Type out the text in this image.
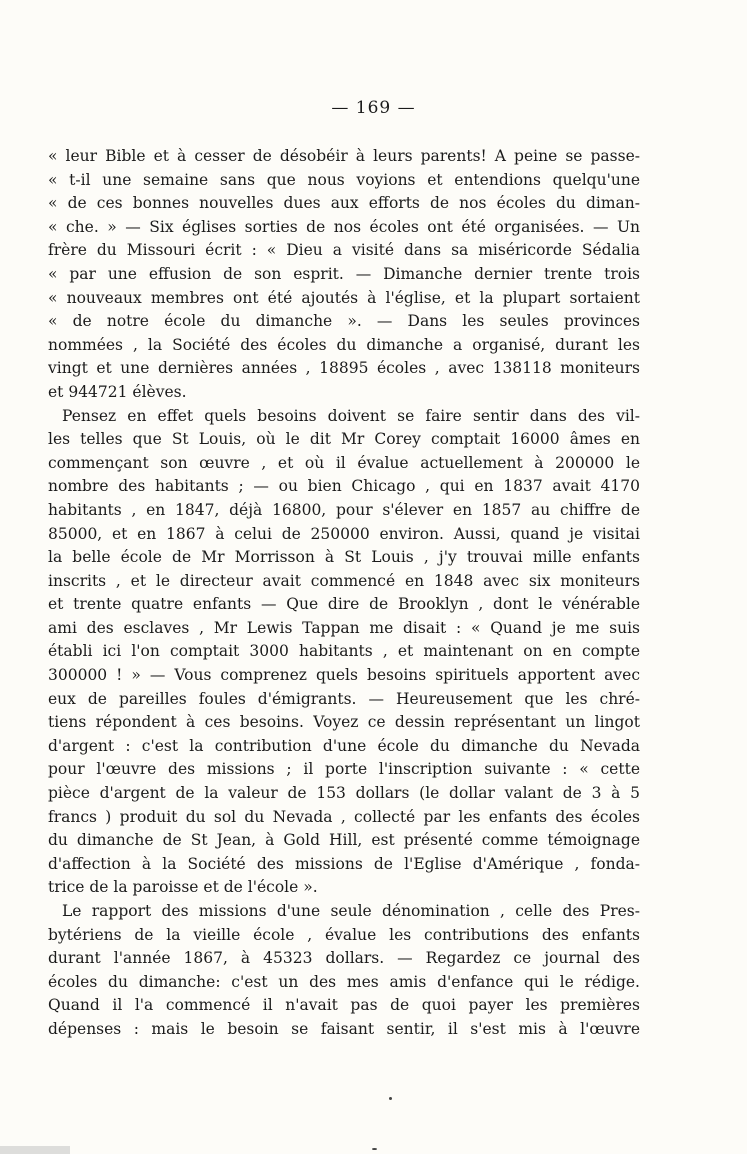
— 169 —
« leur Bible et à cesser de désobéir à leurs parents! A peine se passe-
« t-il une semaine sans que nous voyions et entendions quelqu'une
« de ces bonnes nouvelles dues aux efforts de nos écoles du diman-
« che. » — Six églises sorties de nos écoles ont été organisées. — Un
frère du Missouri écrit : « Dieu a visité dans sa miséricorde Sédalia
« par une effusion de son esprit. — Dimanche dernier trente trois
« nouveaux membres ont été ajoutés à l'église, et la plupart sortaient
« de notre école du dimanche ». — Dans les seules provinces
nommées , la Société des écoles du dimanche a organisé, durant les
vingt et une dernières années , 18895 écoles , avec 138118 moniteurs
et 944721 élèves.
Pensez en effet quels besoins doivent se faire sentir dans des vil-
les telles que St Louis, où le dit Mr Corey comptait 16000 âmes en
commençant son œuvre , et où il évalue actuellement à 200000 le
nombre des habitants ; — ou bien Chicago , qui en 1837 avait 4170
habitants , en 1847, déjà 16800, pour s'élever en 1857 au chiffre de
85000, et en 1867 à celui de 250000 environ. Aussi, quand je visitai
la belle école de Mr Morrisson à St Louis , j'y trouvai mille enfants
inscrits , et le directeur avait commencé en 1848 avec six moniteurs
et trente quatre enfants — Que dire de Brooklyn , dont le vénérable
ami des esclaves , Mr Lewis Tappan me disait : « Quand je me suis
établi ici l'on comptait 3000 habitants , et maintenant on en compte
300000 ! » — Vous comprenez quels besoins spirituels apportent avec
eux de pareilles foules d'émigrants. — Heureusement que les chré-
tiens répondent à ces besoins. Voyez ce dessin représentant un lingot
d'argent : c'est la contribution d'une école du dimanche du Nevada
pour l'œuvre des missions ; il porte l'inscription suivante : « cette
pièce d'argent de la valeur de 153 dollars (le dollar valant de 3 à 5
francs ) produit du sol du Nevada , collecté par les enfants des écoles
du dimanche de St Jean, à Gold Hill, est présenté comme témoignage
d'affection à la Société des missions de l'Eglise d'Amérique , fonda-
trice de la paroisse et de l'école ».
Le rapport des missions d'une seule dénomination , celle des Pres-
bytériens de la vieille école , évalue les contributions des enfants
durant l'année 1867, à 45323 dollars. — Regardez ce journal des
écoles du dimanche: c'est un des mes amis d'enfance qui le rédige.
Quand il l'a commencé il n'avait pas de quoi payer les premières
dépenses : mais le besoin se faisant sentir, il s'est mis à l'œuvre
